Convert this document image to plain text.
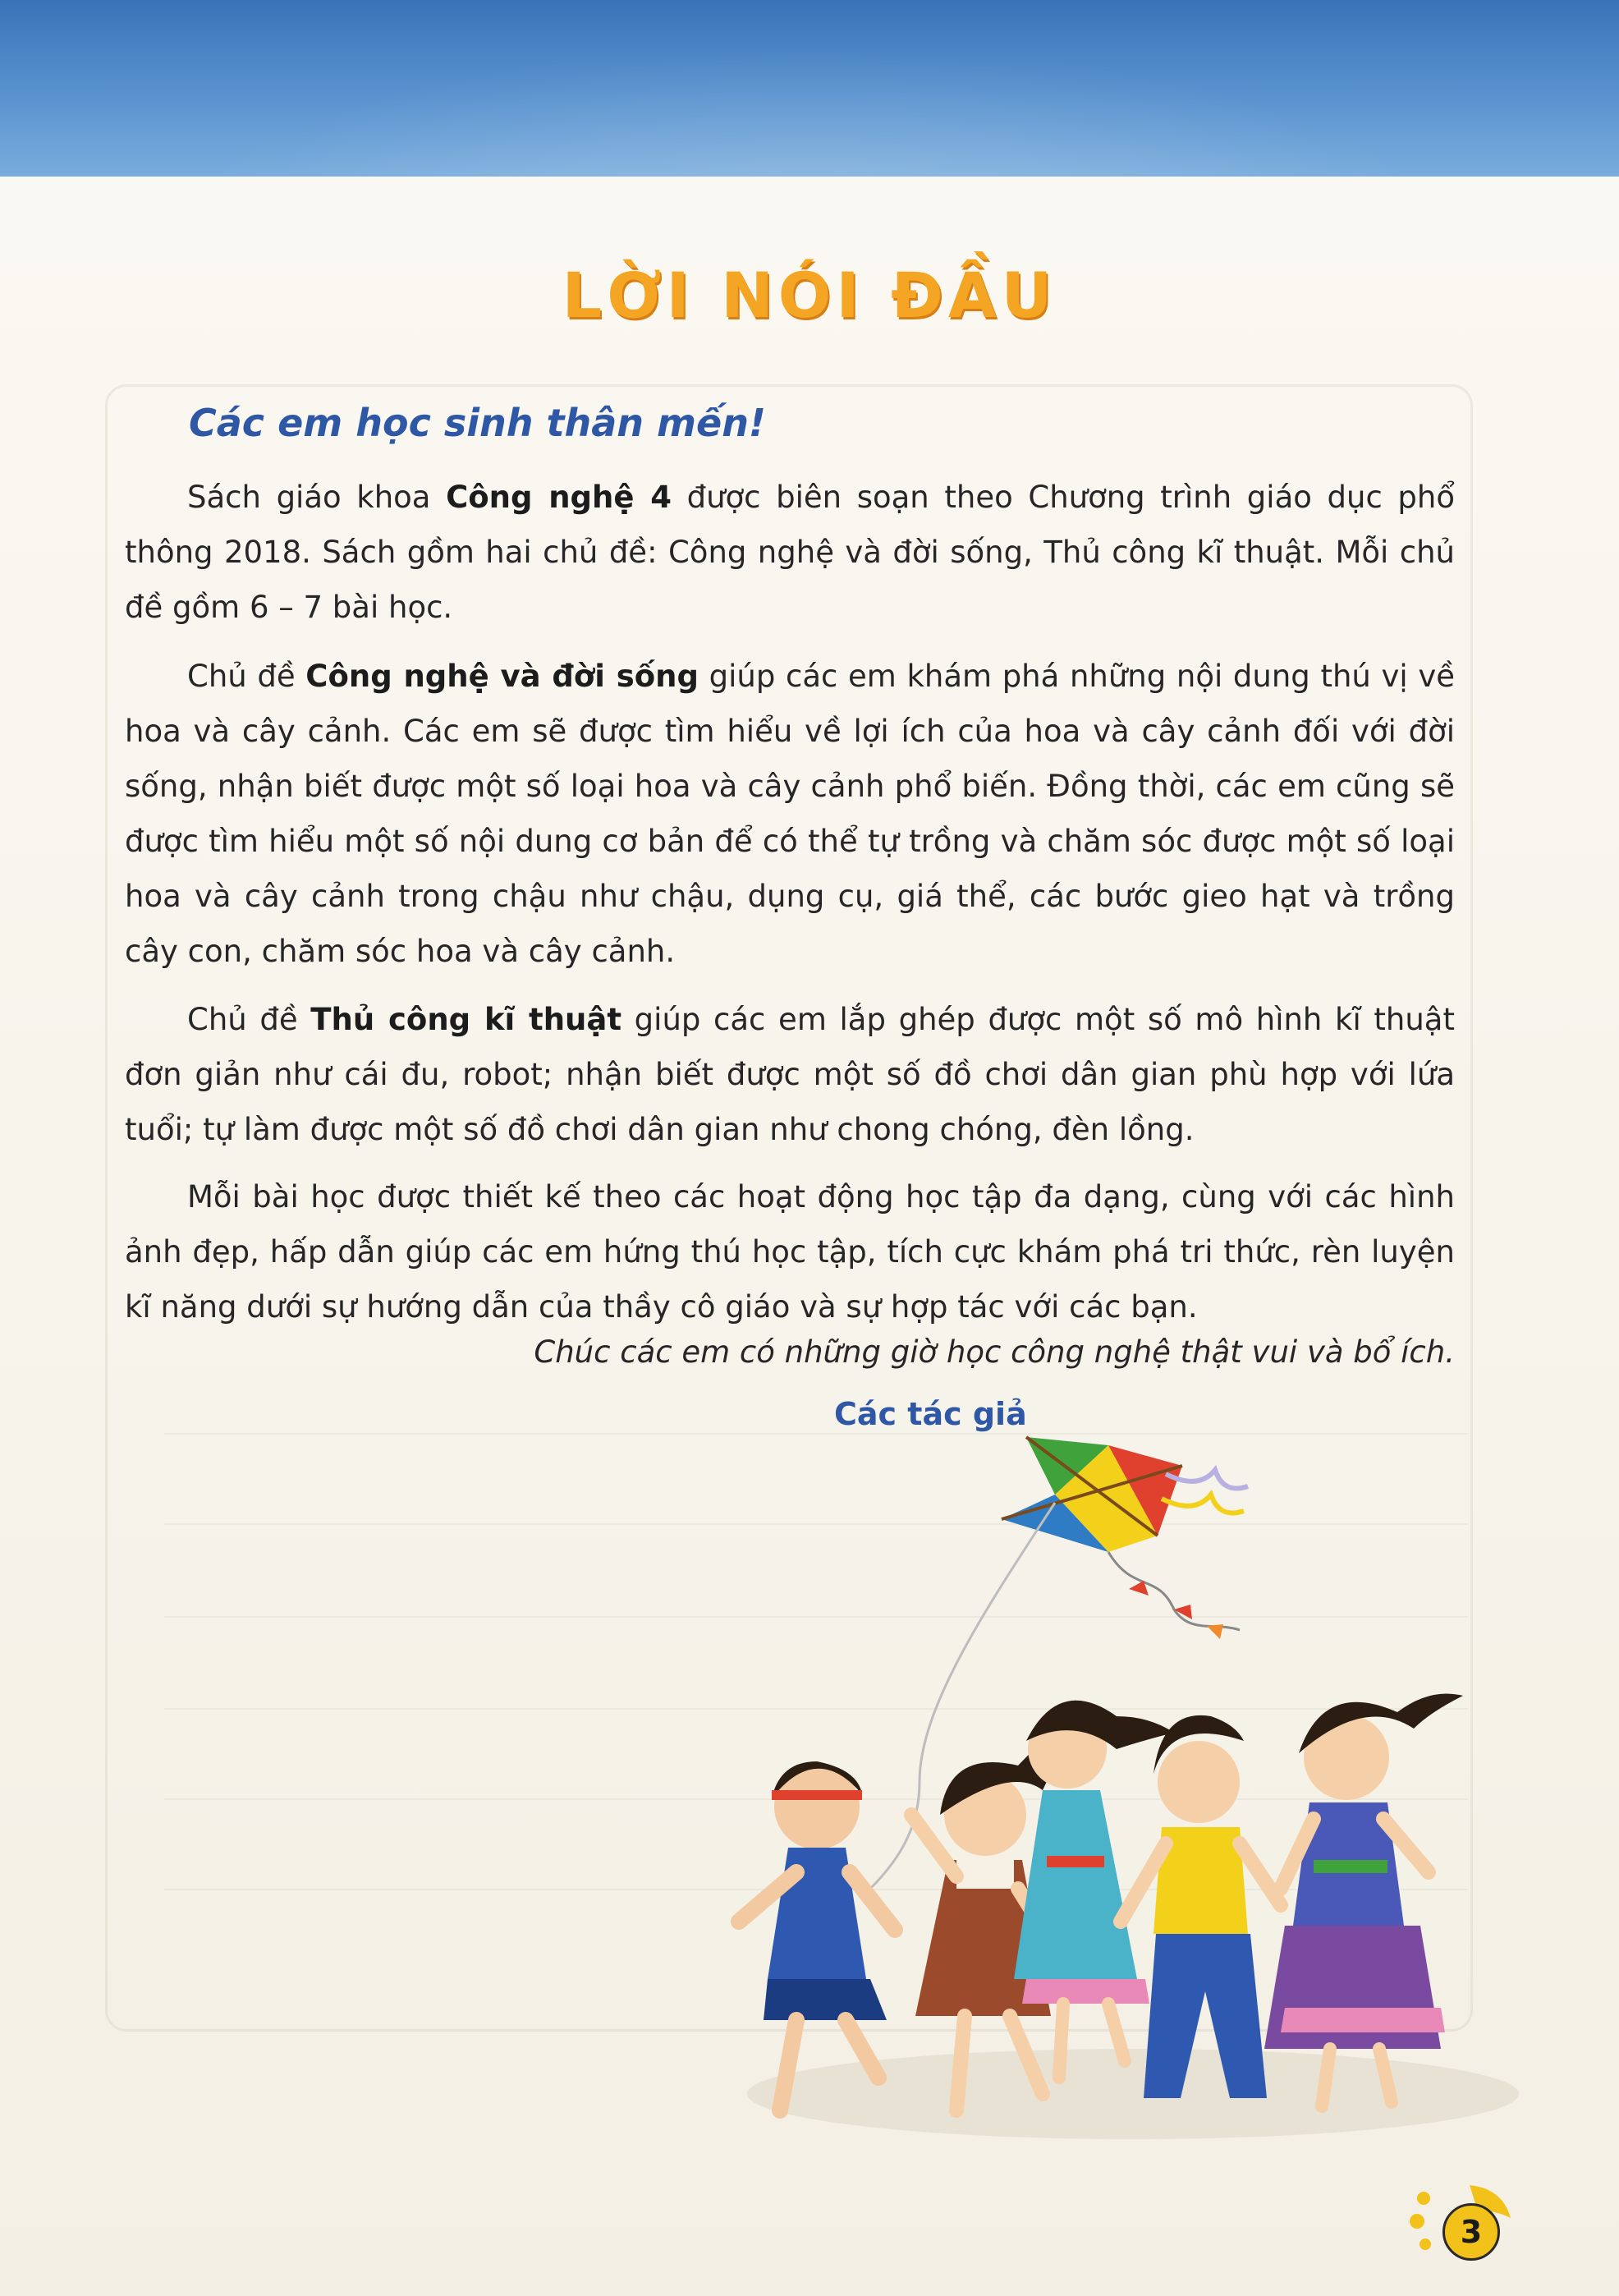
LỜI NÓI ĐẦU
Các em học sinh thân mến!

Sách giáo khoa Công nghệ 4 được biên soạn theo Chương trình giáo dục phổ thông 2018. Sách gồm hai chủ đề: Công nghệ và đời sống, Thủ công kĩ thuật. Mỗi chủ đề gồm 6 – 7 bài học.

Chủ đề Công nghệ và đời sống giúp các em khám phá những nội dung thú vị về hoa và cây cảnh. Các em sẽ được tìm hiểu về lợi ích của hoa và cây cảnh đối với đời sống, nhận biết được một số loại hoa và cây cảnh phổ biến. Đồng thời, các em cũng sẽ được tìm hiểu một số nội dung cơ bản để có thể tự trồng và chăm sóc được một số loại hoa và cây cảnh trong chậu như chậu, dụng cụ, giá thể, các bước gieo hạt và trồng cây con, chăm sóc hoa và cây cảnh.

Chủ đề Thủ công kĩ thuật giúp các em lắp ghép được một số mô hình kĩ thuật đơn giản như cái đu, robot; nhận biết được một số đồ chơi dân gian phù hợp với lứa tuổi; tự làm được một số đồ chơi dân gian như chong chóng, đèn lồng.

Mỗi bài học được thiết kế theo các hoạt động học tập đa dạng, cùng với các hình ảnh đẹp, hấp dẫn giúp các em hứng thú học tập, tích cực khám phá tri thức, rèn luyện kĩ năng dưới sự hướng dẫn của thầy cô giáo và sự hợp tác với các bạn.

Chúc các em có những giờ học công nghệ thật vui và bổ ích.
Các tác giả
3
